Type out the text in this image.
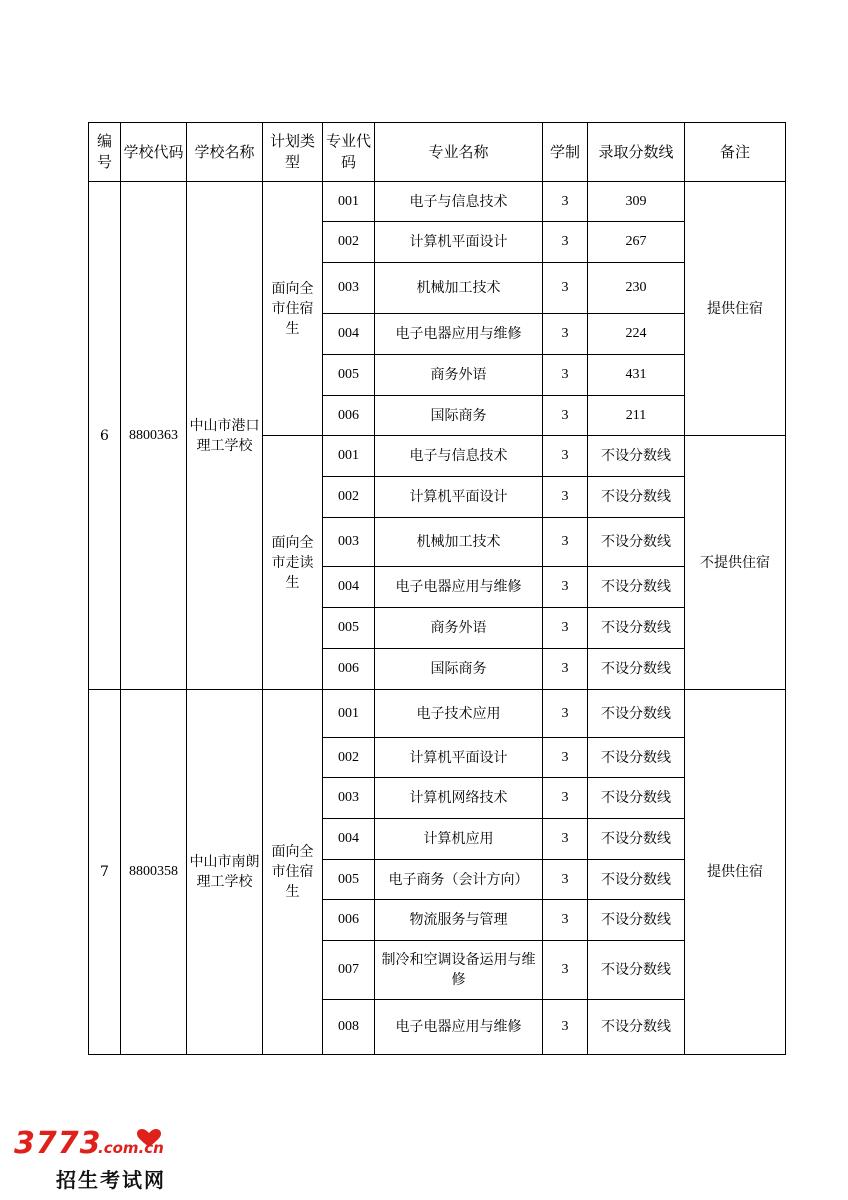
编号	学校代码	学校名称	计划类型	专业代码	专业名称	学制	录取分数线	备注
6	8800363	中山市港口理工学校	面向全市住宿生	001	电子与信息技术	3	309	提供住宿
				002	计算机平面设计	3	267	
				003	机械加工技术	3	230	
				004	电子电器应用与维修	3	224	
				005	商务外语	3	431	
				006	国际商务	3	211	
			面向全市走读生	001	电子与信息技术	3	不设分数线	不提供住宿
				002	计算机平面设计	3	不设分数线	
				003	机械加工技术	3	不设分数线	
				004	电子电器应用与维修	3	不设分数线	
				005	商务外语	3	不设分数线	
				006	国际商务	3	不设分数线	
7	8800358	中山市南朗理工学校	面向全市住宿生	001	电子技术应用	3	不设分数线	提供住宿
				002	计算机平面设计	3	不设分数线	
				003	计算机网络技术	3	不设分数线	
				004	计算机应用	3	不设分数线	
				005	电子商务（会计方向）	3	不设分数线	
				006	物流服务与管理	3	不设分数线	
				007	制冷和空调设备运用与维修	3	不设分数线	
				008	电子电器应用与维修	3	不设分数线	
3773
.com.cn
招生考试网
